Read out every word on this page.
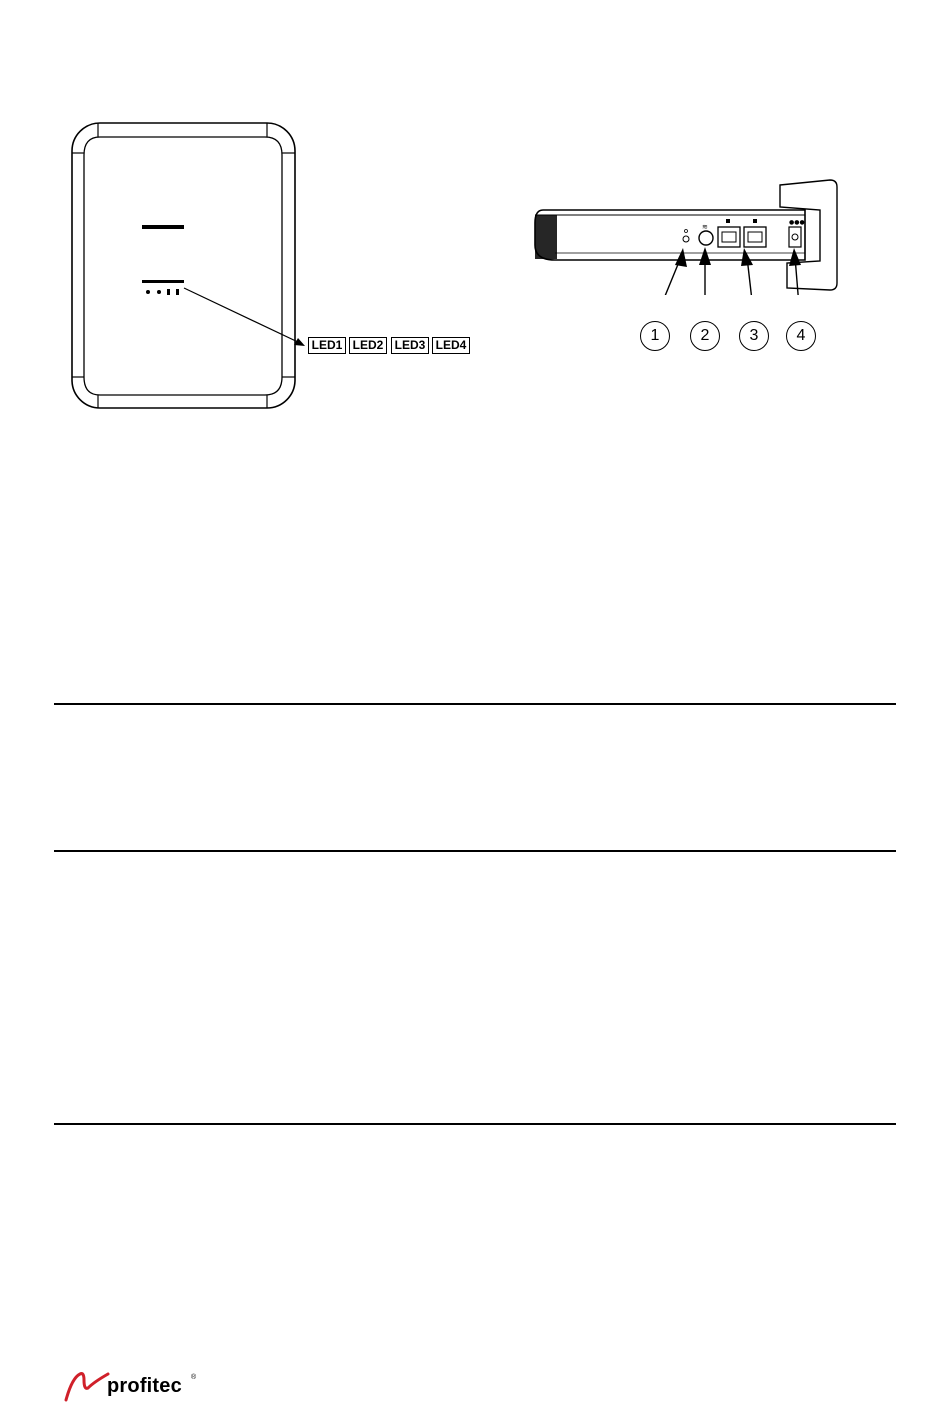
LED1 LED2 LED3 LED4
≋
●●●
1	2	3	4
profitec ®
